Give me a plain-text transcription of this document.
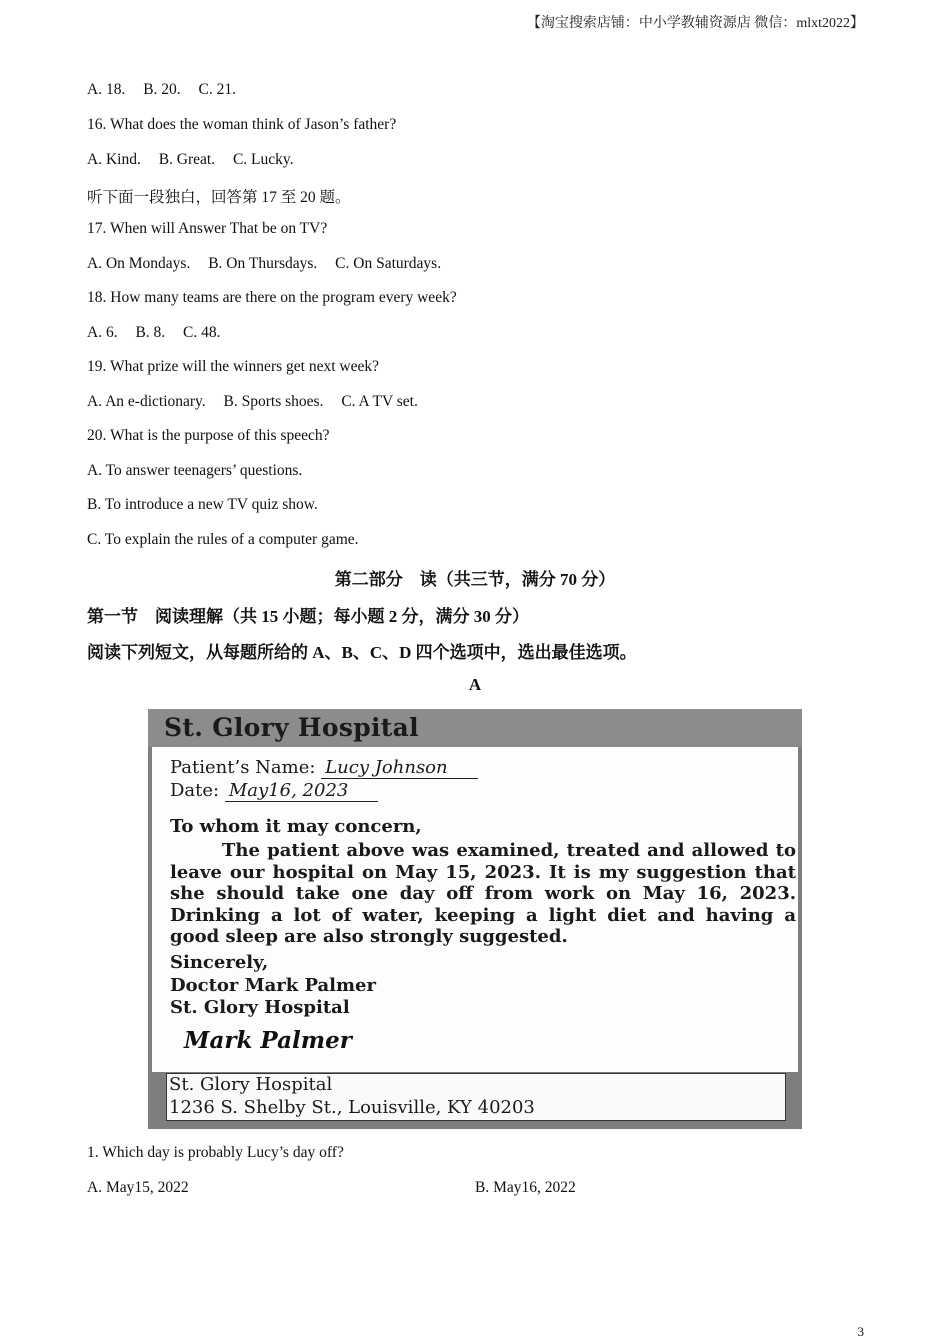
【淘宝搜索店铺：中小学教辅资源店 微信：mlxt2022】
A. 18. B. 20. C. 21.
16. What does the woman think of Jason’s father?
A. Kind. B. Great. C. Lucky.
听下面一段独白，回答第 17 至 20 题。
17. When will Answer That be on TV?
A. On Mondays. B. On Thursdays. C. On Saturdays.
18. How many teams are there on the program every week?
A. 6. B. 8. C. 48.
19. What prize will the winners get next week?
A. An e-dictionary. B. Sports shoes. C. A TV set.
20. What is the purpose of this speech?
A. To answer teenagers’ questions.
B. To introduce a new TV quiz show.
C. To explain the rules of a computer game.
第二部分　读（共三节，满分 70 分）
第一节　阅读理解（共 15 小题；每小题 2 分，满分 30 分）
阅读下列短文，从每题所给的 A、B、C、D 四个选项中，选出最佳选项。
A
St. Glory Hospital
Patient’s Name: Lucy Johnson
Date: May16, 2023
To whom it may concern,
The patient above was examined, treated and allowed to leave our hospital on May 15, 2023. It is my suggestion that she should take one day off from work on May 16, 2023. Drinking a lot of water, keeping a light diet and having a good sleep are also strongly suggested.
Sincerely,
Doctor Mark Palmer
St. Glory Hospital
Mark Palmer
St. Glory Hospital
1236 S. Shelby St., Louisville, KY 40203
1. Which day is probably Lucy’s day off?
A. May15, 2022	B. May16, 2022
3
